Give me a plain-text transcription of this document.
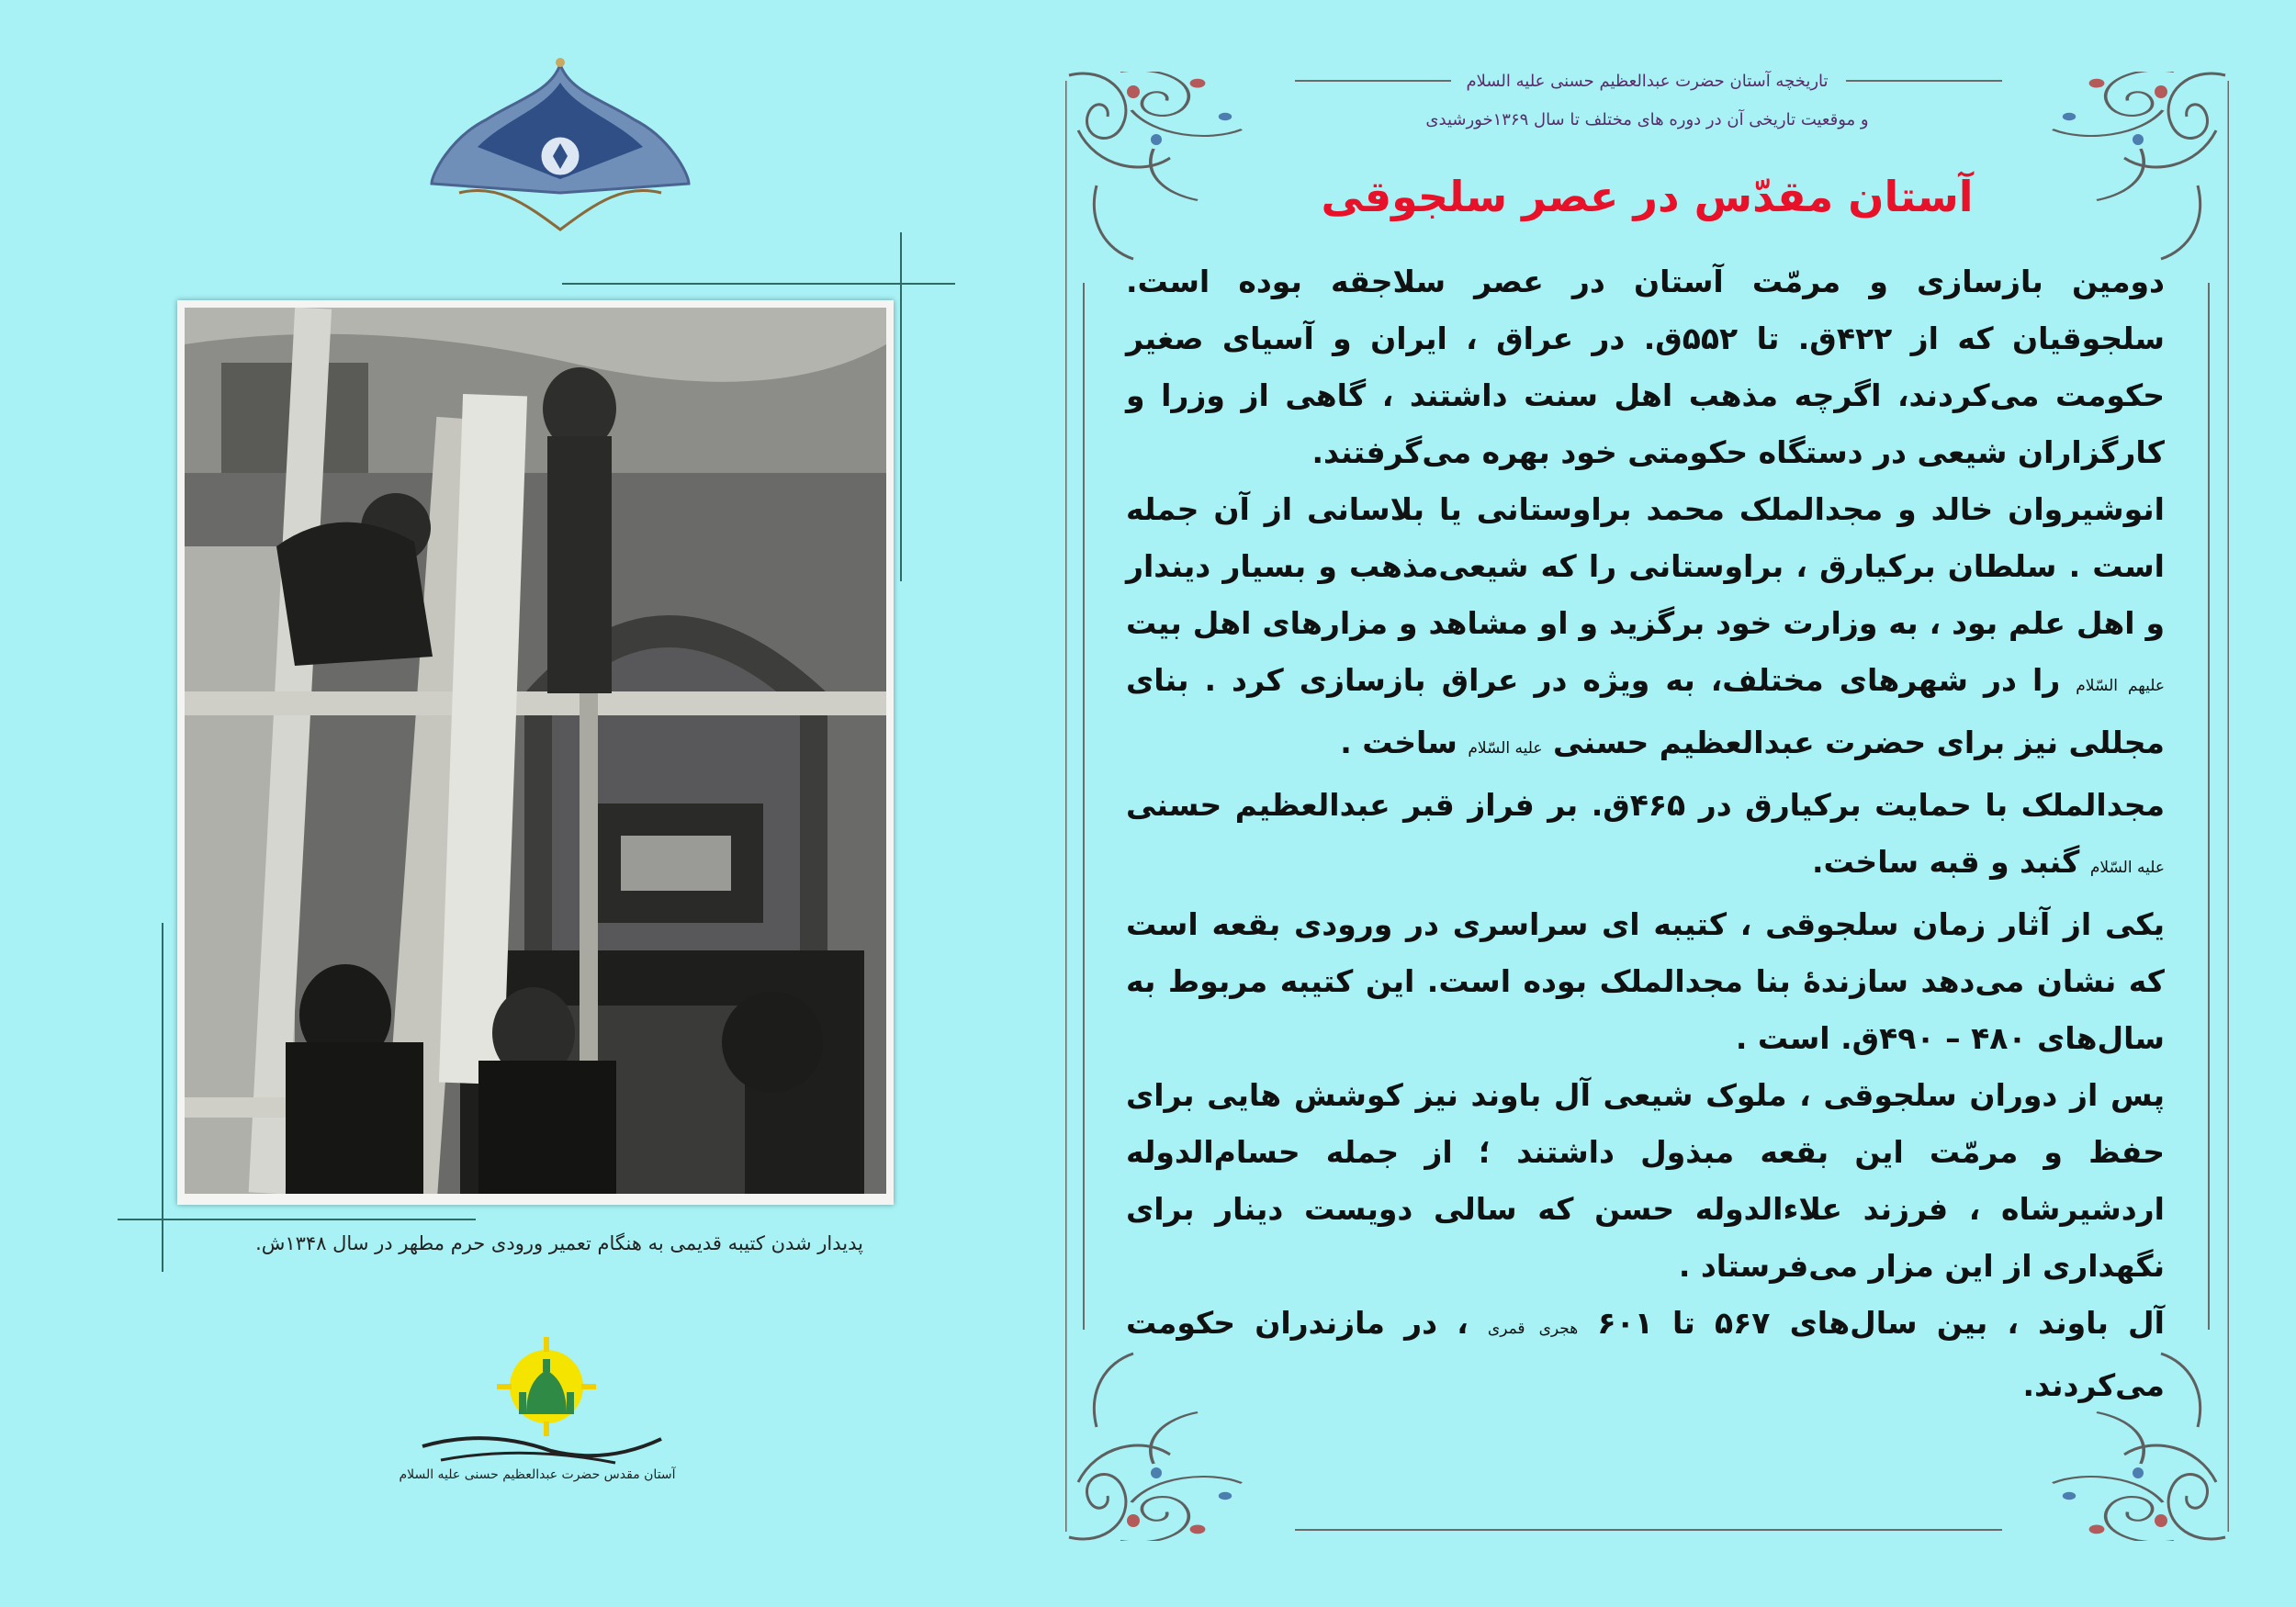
پدیدار شدن کتیبه قدیمی به هنگام تعمیر ورودی حرم مطهر در سال ۱۳۴۸ش.
آستان مقدس حضرت عبدالعظیم حسنی علیه السلام
تاریخچه آستان حضرت عبدالعظیم حسنی علیه السلام
و موقعیت تاریخی آن در دوره های مختلف تا سال ۱۳۶۹خورشیدی
آستان مقدّس در عصر سلجوقی

دومین بازسازی و مرمّت آستان در عصر سلاجقه بوده است. سلجوقیان که از ۴۲۲ق. تا ۵۵۲ق. در عراق ، ایران و آسیای صغیر حکومت می‌کردند، اگرچه مذهب اهل سنت داشتند ، گاهی از وزرا و کارگزاران شیعی در دستگاه حکومتی خود بهره می‌گرفتند.

انوشیروان خالد و مجدالملک محمد براوستانی یا بلاسانی از آن جمله است . سلطان برکیارق ، براوستانی را که شیعی‌مذهب و بسیار دیندار و اهل علم بود ، به وزارت خود برگزید و او مشاهد و مزارهای اهل بیت علیهم السّلام را در شهرهای مختلف، به ویژه در عراق بازسازی کرد . بنای مجللی نیز برای حضرت عبدالعظیم حسنی علیه السّلام ساخت .

مجدالملک با حمایت برکیارق در ۴۶۵ق. بر فراز قبر عبدالعظیم حسنی علیه السّلام گنبد و قبه ساخت.

یکی از آثار زمان سلجوقی ، کتیبه ای سراسری در ورودی بقعه است که نشان می‌دهد سازندهٔ بنا مجدالملک بوده است. این کتیبه مربوط به سال‌های ۴۸۰ – ۴۹۰ق. است .

پس از دوران سلجوقی ، ملوک شیعی آل باوند نیز کوشش هایی برای حفظ و مرمّت این بقعه مبذول داشتند ؛ از جمله حسام‌الدوله اردشیرشاه ، فرزند علاءالدوله حسن که سالی دویست دینار برای نگهداری از این مزار می‌فرستاد .

آل باوند ، بین سال‌های ۵۶۷ تا ۶۰۱ هجری قمری ، در مازندران حکومت می‌کردند.
